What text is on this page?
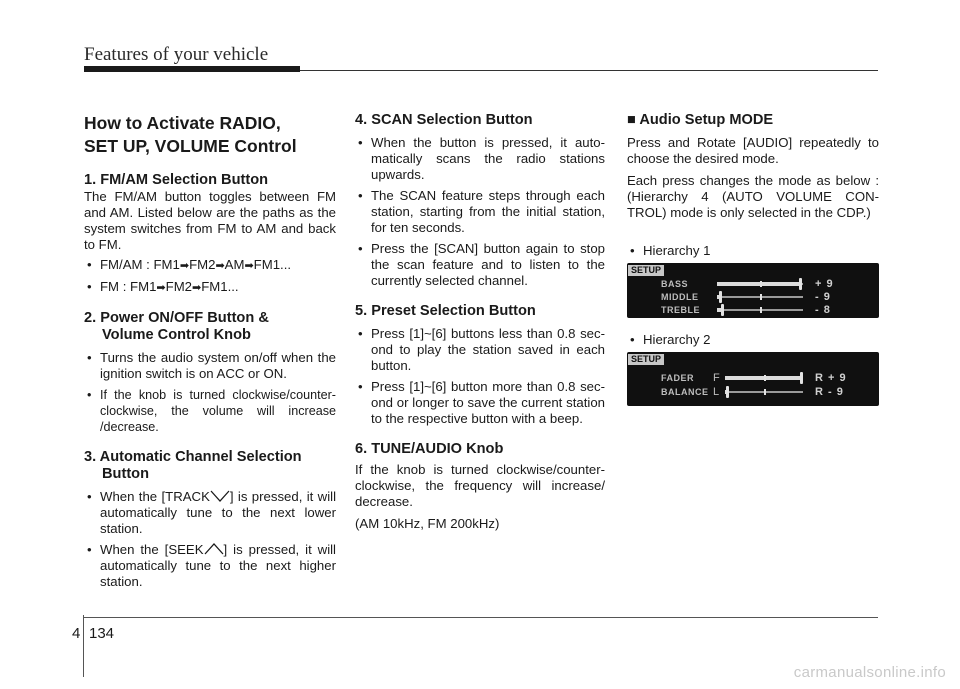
Features of your vehicle
How to Activate RADIO,
SET UP, VOLUME Control
1. FM/AM Selection Button

The FM/AM button toggles between FM and AM. Listed below are the paths as the system switches from FM to AM and back to FM.

• FM/AM : FM1➡FM2➡AM➡FM1...
• FM : FM1➡FM2➡FM1...
2. Power ON/OFF Button &
Volume Control Knob
• Turns the audio system on/off when the ignition switch is on ACC or ON.
• If the knob is turned clockwise/counter-clockwise, the volume will increase /decrease.
3. Automatic Channel Selection
Button
• When the [TRACK ] is pressed, it will automatically tune to the next lower station.
• When the [SEEK ] is pressed, it will automatically tune to the next higher station.
4. SCAN Selection Button
• When the button is pressed, it auto-matically scans the radio stations upwards.
• The SCAN feature steps through each station, starting from the initial station, for ten seconds.
• Press the [SCAN] button again to stop the scan feature and to listen to the currently selected channel.
5. Preset Selection Button
• Press [1]~[6] buttons less than 0.8 sec-ond to play the station saved in each button.
• Press [1]~[6] button more than 0.8 sec-ond or longer to save the current station to the respective button with a beep.
6. TUNE/AUDIO Knob

If the knob is turned clockwise/counter-clockwise, the frequency will increase/ decrease.

(AM 10kHz, FM 200kHz)

■ Audio Setup MODE

Press and Rotate [AUDIO] repeatedly to choose the desired mode.

Each press changes the mode as below : (Hierarchy 4 (AUTO VOLUME CON-TROL) mode is only selected in the CDP.)

• Hierarchy 1
SETUP
BASS	+ 9
MIDDLE	- 9
TREBLE	- 8
• Hierarchy 2
SETUP
FADER F	R + 9
BALANCE L	R - 9
4 134
carmanualsonline.info
